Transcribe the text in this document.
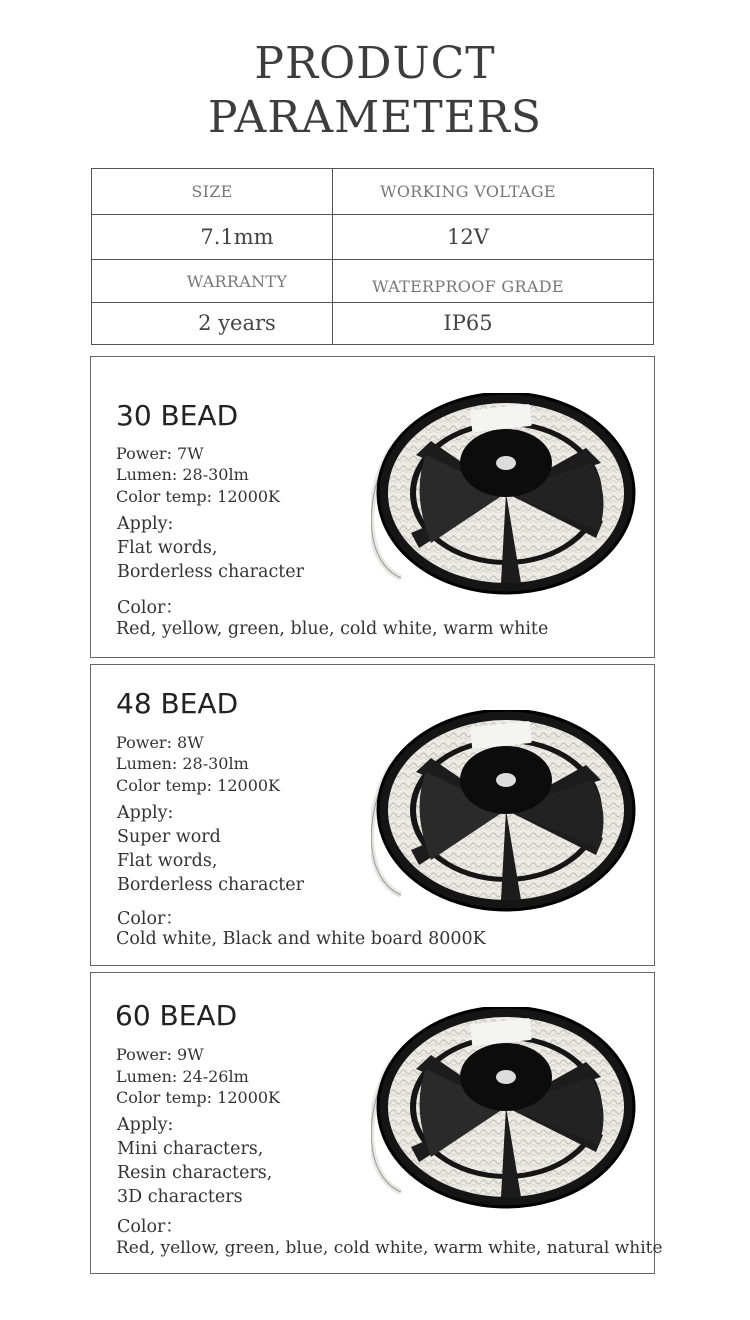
PRODUCT
PARAMETERS
SIZE	WORKING VOLTAGE
7.1mm	12V
WARRANTY	WATERPROOF GRADE
2 years	IP65
30 BEAD
Power: 7W
Lumen: 28-30lm
Color temp: 12000K
Apply:
Flat words,
Borderless character
Color：
Red, yellow, green, blue, cold white, warm white
48 BEAD
Power: 8W
Lumen: 28-30lm
Color temp: 12000K
Apply:
Super word
Flat words,
Borderless character
Color：
Cold white, Black and white board 8000K
60 BEAD
Power: 9W
Lumen: 24-26lm
Color temp: 12000K
Apply:
Mini characters,
Resin characters,
3D characters
Color：
Red, yellow, green, blue, cold white, warm white, natural white
